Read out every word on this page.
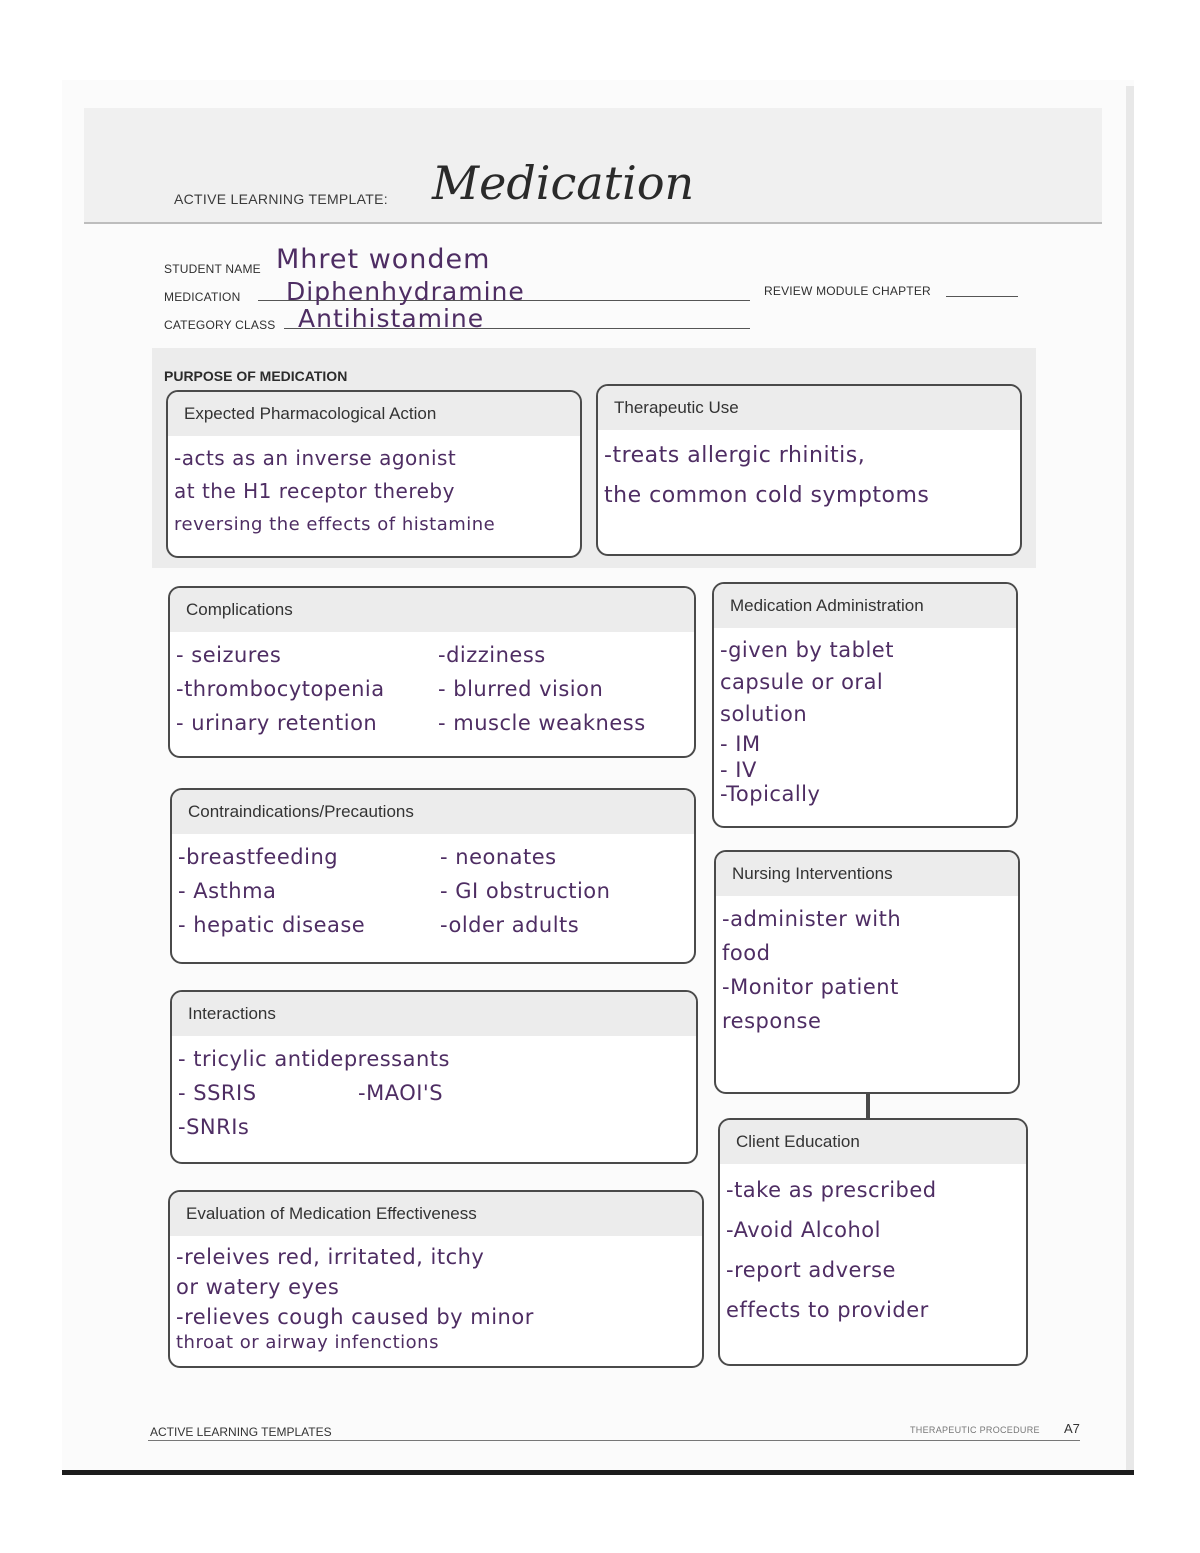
ACTIVE LEARNING TEMPLATE: Medication
STUDENT NAME Mhret wondem
MEDICATION Diphenhydramine	REVIEW MODULE CHAPTER
CATEGORY CLASS Antihistamine
PURPOSE OF MEDICATION
Expected Pharmacological Action
-acts as an inverse agonist
at the H1 receptor thereby
reversing the effects of histamine
Therapeutic Use
-treats allergic rhinitis,
the common cold symptoms
Complications
- seizures	-dizziness
-thrombocytopenia	- blurred vision
- urinary retention	- muscle weakness
Medication Administration
-given by tablet
capsule or oral
solution
- IM
- IV
-Topically
Contraindications/Precautions
-breastfeeding	- neonates
- Asthma	- GI obstruction
- hepatic disease	-older adults
Nursing Interventions
-administer with
food
-Monitor patient
response
Interactions
- tricylic antidepressants
- SSRIS	-MAOI'S
-SNRIs
Client Education
-take as prescribed
-Avoid Alcohol
-report adverse
effects to provider
Evaluation of Medication Effectiveness
-releives red, irritated, itchy
or watery eyes
-relieves cough caused by minor
throat or airway infenctions
ACTIVE LEARNING TEMPLATES	THERAPEUTIC PROCEDURE A7
